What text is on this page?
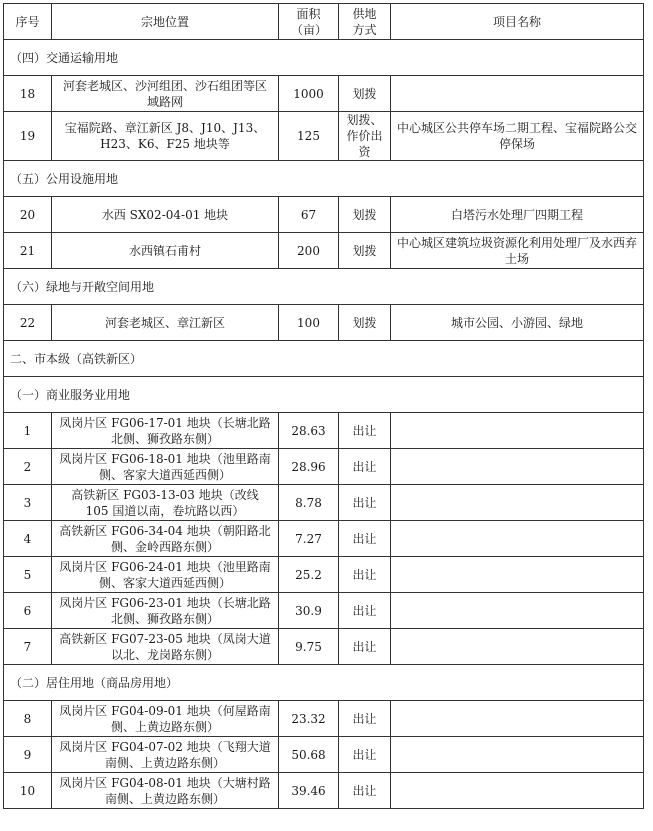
序号	宗地位置	面积（亩）	供地方式	项目名称
（四）交通运输用地				
18	河套老城区、沙河组团、沙石组团等区域路网	1000	划拨	
19	宝福院路、章江新区 J8、J10、J13、H23、K6、F25 地块等	125	划拨、作价出资	中心城区公共停车场二期工程、宝福院路公交停保场
（五）公用设施用地				
20	水西 SX02-04-01 地块	67	划拨	白塔污水处理厂四期工程
21	水西镇石甫村	200	划拨	中心城区建筑垃圾资源化利用处理厂及水西弃土场
（六）绿地与开敞空间用地				
22	河套老城区、章江新区	100	划拨	城市公园、小游园、绿地
二、市本级（高铁新区）				
（一）商业服务业用地				
1	凤岗片区 FG06-17-01 地块（长塘北路北侧、狮孜路东侧）	28.63	出让	
2	凤岗片区 FG06-18-01 地块（池里路南侧、客家大道西延西侧）	28.96	出让	
3	高铁新区 FG03-13-03 地块（改线 105 国道以南，卷坑路以西）	8.78	出让	
4	高铁新区 FG06-34-04 地块（朝阳路北侧、金岭西路东侧）	7.27	出让	
5	凤岗片区 FG06-24-01 地块（池里路南侧、客家大道西延西侧）	25.2	出让	
6	凤岗片区 FG06-23-01 地块（长塘北路北侧、狮孜路东侧）	30.9	出让	
7	高铁新区 FG07-23-05 地块（凤岗大道以北、龙岗路东侧）	9.75	出让	
（二）居住用地（商品房用地）				
8	凤岗片区 FG04-09-01 地块（何屋路南侧、上黄边路东侧）	23.32	出让	
9	凤岗片区 FG04-07-02 地块（飞翔大道南侧、上黄边路东侧）	50.68	出让	
10	凤岗片区 FG04-08-01 地块（大塘村路南侧、上黄边路东侧）	39.46	出让	
